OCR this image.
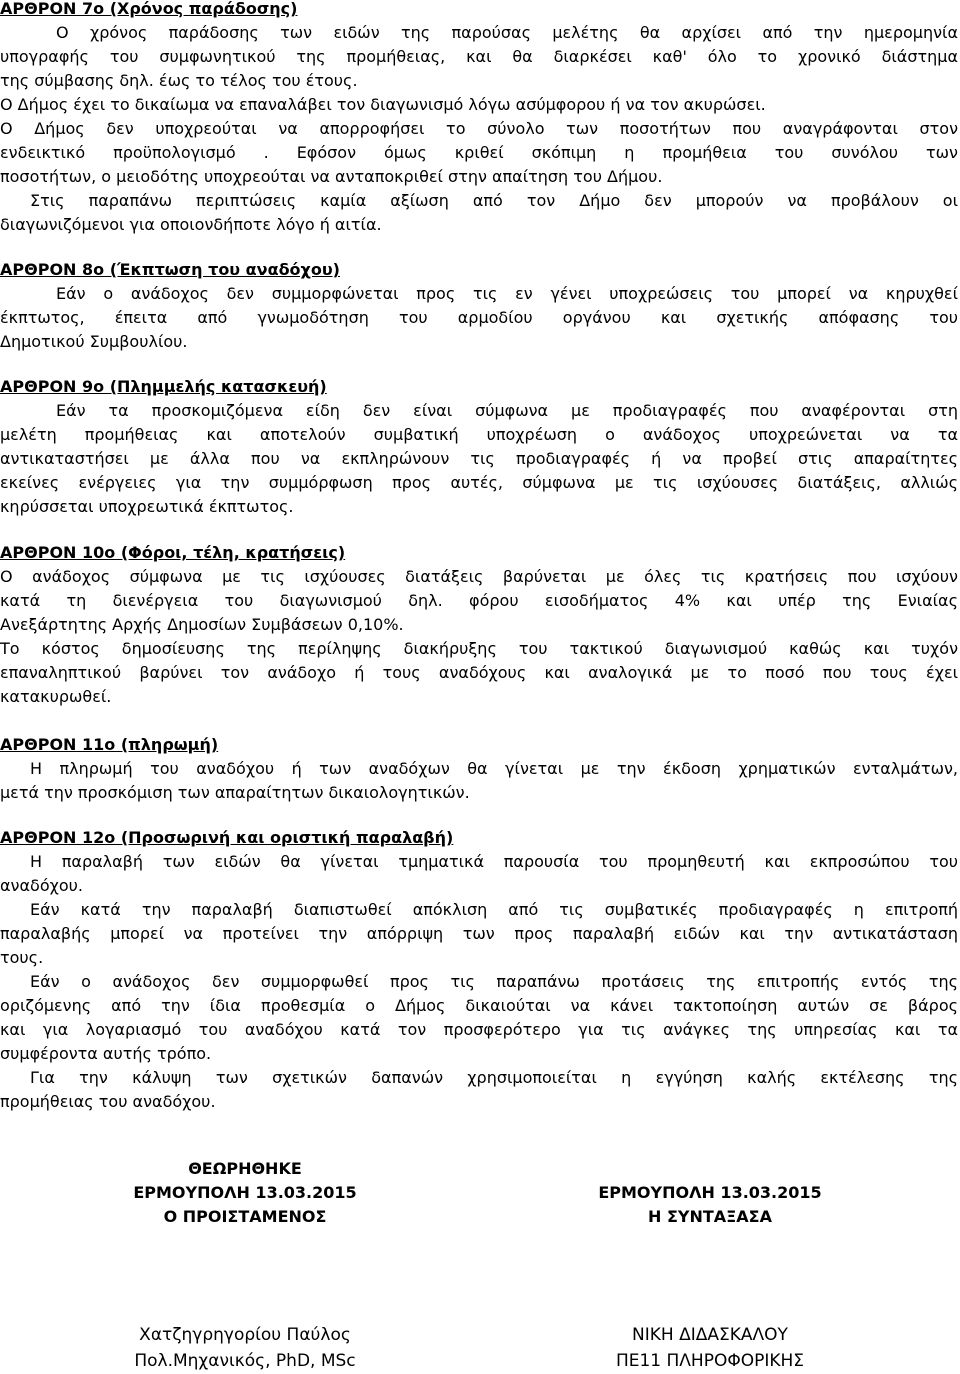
ΑΡΘΡΟΝ 7ο (Χρόνος παράδοσης)
Ο χρόνος παράδοσης των ειδών της παρούσας μελέτης θα αρχίσει από την ημερομηνία
υπογραφής του συμφωνητικού της προμήθειας, και θα διαρκέσει καθ' όλο το χρονικό διάστημα
της σύμβασης δηλ. έως το τέλος του έτους.
Ο Δήμος έχει το δικαίωμα να επαναλάβει τον διαγωνισμό λόγω ασύμφορου ή να τον ακυρώσει.
Ο Δήμος δεν υποχρεούται να απορροφήσει το σύνολο των ποσοτήτων που αναγράφονται στον
ενδεικτικό προϋπολογισμό . Εφόσον όμως κριθεί σκόπιμη η προμήθεια του συνόλου των
ποσοτήτων, ο μειοδότης υποχρεούται να ανταποκριθεί στην απαίτηση του Δήμου.
Στις παραπάνω περιπτώσεις καμία αξίωση από τον Δήμο δεν μπορούν να προβάλουν οι
διαγωνιζόμενοι για οποιονδήποτε λόγο ή αιτία.
ΑΡΘΡΟΝ 8ο (Έκπτωση του αναδόχου)
Εάν ο ανάδοχος δεν συμμορφώνεται προς τις εν γένει υποχρεώσεις του μπορεί να κηρυχθεί
έκπτωτος, έπειτα από γνωμοδότηση του αρμοδίου οργάνου και σχετικής απόφασης του
Δημοτικού Συμβουλίου.
ΑΡΘΡΟΝ 9ο (Πλημμελής κατασκευή)
Εάν τα προσκομιζόμενα είδη δεν είναι σύμφωνα με προδιαγραφές που αναφέρονται στη
μελέτη προμήθειας και αποτελούν συμβατική υποχρέωση ο ανάδοχος υποχρεώνεται να τα
αντικαταστήσει με άλλα που να εκπληρώνουν τις προδιαγραφές ή να προβεί στις απαραίτητες
εκείνες ενέργειες για την συμμόρφωση προς αυτές, σύμφωνα με τις ισχύουσες διατάξεις, αλλιώς
κηρύσσεται υποχρεωτικά έκπτωτος.
ΑΡΘΡΟΝ 10ο (Φόροι, τέλη, κρατήσεις)
Ο ανάδοχος σύμφωνα με τις ισχύουσες διατάξεις βαρύνεται με όλες τις κρατήσεις που ισχύουν
κατά τη διενέργεια του διαγωνισμού δηλ. φόρου εισοδήματος 4% και υπέρ της Ενιαίας
Ανεξάρτητης Αρχής Δημοσίων Συμβάσεων 0,10%.
Το κόστος δημοσίευσης της περίληψης διακήρυξης του τακτικού διαγωνισμού καθώς και τυχόν
επαναληπτικού βαρύνει τον ανάδοχο ή τους αναδόχους και αναλογικά με το ποσό που τους έχει
κατακυρωθεί.
ΑΡΘΡΟΝ 11ο (πληρωμή)
Η πληρωμή του αναδόχου ή των αναδόχων θα γίνεται με την έκδοση χρηματικών ενταλμάτων,
μετά την προσκόμιση των απαραίτητων δικαιολογητικών.
ΑΡΘΡΟΝ 12ο (Προσωρινή και οριστική παραλαβή)
Η παραλαβή των ειδών θα γίνεται τμηματικά παρουσία του προμηθευτή και εκπροσώπου του
αναδόχου.
Εάν κατά την παραλαβή διαπιστωθεί απόκλιση από τις συμβατικές προδιαγραφές η επιτροπή
παραλαβής μπορεί να προτείνει την απόρριψη των προς παραλαβή ειδών και την αντικατάσταση
τους.
Εάν ο ανάδοχος δεν συμμορφωθεί προς τις παραπάνω προτάσεις της επιτροπής εντός της
οριζόμενης από την ίδια προθεσμία ο Δήμος δικαιούται να κάνει τακτοποίηση αυτών σε βάρος
και για λογαριασμό του αναδόχου κατά τον προσφερότερο για τις ανάγκες της υπηρεσίας και τα
συμφέροντα αυτής τρόπο.
Για την κάλυψη των σχετικών δαπανών χρησιμοποιείται η εγγύηση καλής εκτέλεσης της
προμήθειας του αναδόχου.
ΘΕΩΡΗΘΗΚΕ
ΕΡΜΟΥΠΟΛΗ 13.03.2015
Ο ΠΡΟΙΣΤΑΜΕΝΟΣ
ΕΡΜΟΥΠΟΛΗ 13.03.2015
Η ΣΥΝΤΑΞΑΣΑ
Χατζηγρηγορίου Παύλος
Πολ.Μηχανικός, PhD, MSc
ΝΙΚΗ ΔΙΔΑΣΚΑΛΟΥ
ΠΕ11 ΠΛΗΡΟΦΟΡΙΚΗΣ
